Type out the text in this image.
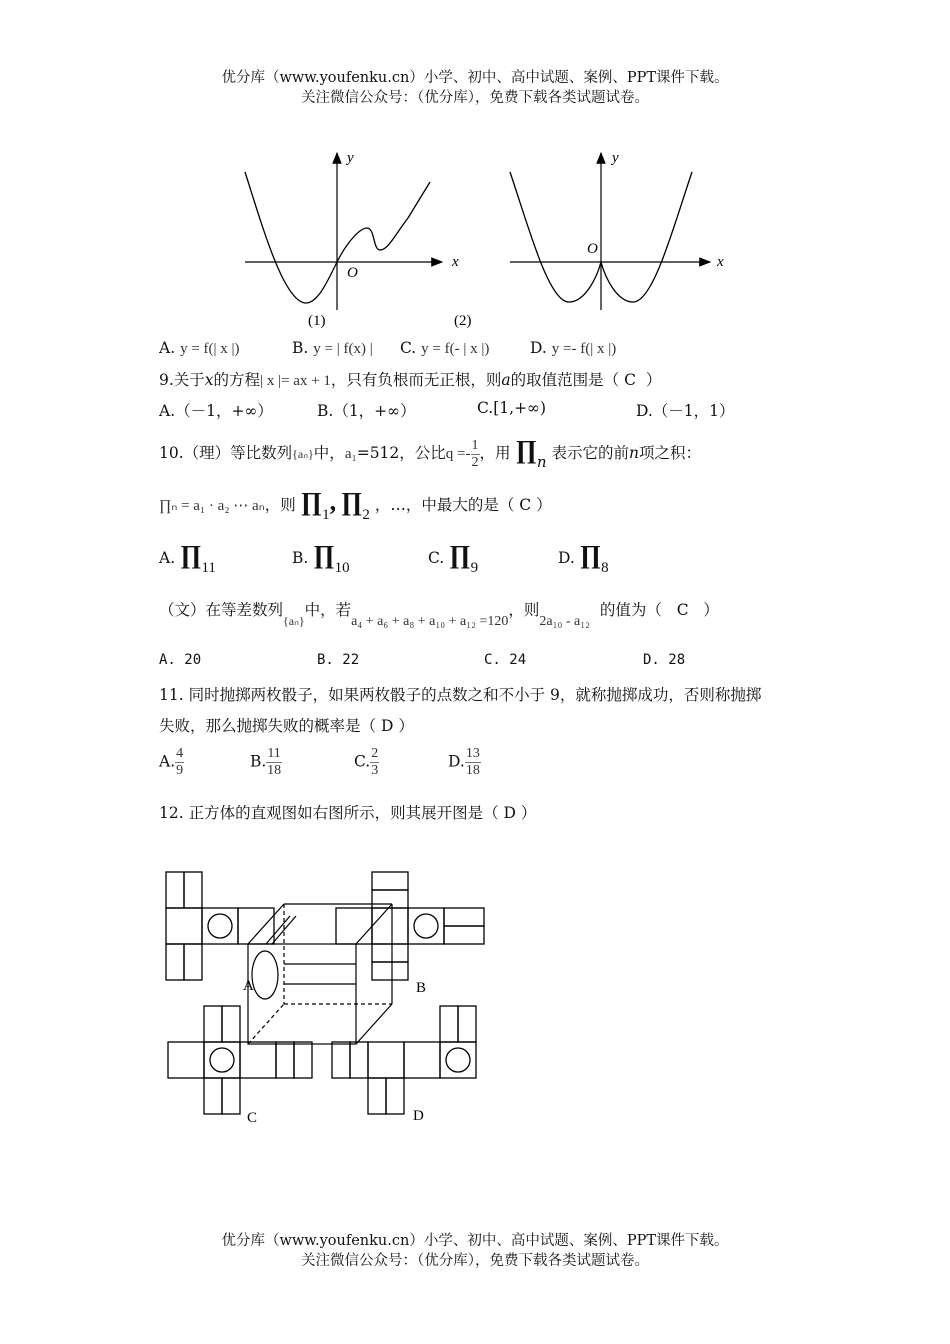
优分库（www.youfenku.cn）小学、初中、高中试题、案例、PPT课件下载。
关注微信公众号：（优分库），免费下载各类试题试卷。
x
y
O
(1)
x
y
O
(2)
A. y = f(| x |)	B. y = | f(x) | C. y = f(- | x |)	D. y =- f(| x |)
9.关于x的方程| x |= ax + 1，只有负根而无正根，则a的取值范围是（ C ）
A.（－1，+∞）	B.（1，+∞）	C.[1,+∞)	D.（－1，1）
10.（理）等比数列{aₙ}中，a₁=512，公比$q =- \frac{1}{2}$ ，用 ∏n 表示它的前n项之积：
∏ₙ = a₁ · a₂ ⋯ aₙ，则 ∏1, ∏2 ，…，中最大的是（ C ）
A. ∏11
B. ∏10
C. ∏9
D. ∏8
（文）在等差数列$_{\{a_n\}}$中，若a₄ + a₆ + a₈ + a₁₀ + a₁₂ =120，则2a₁₀ - a₁₂  的值为（ C ）
A. 20	B. 22	C. 24	D. 28
11. 同时抛掷两枚骰子，如果两枚骰子的点数之和不小于 9，就称抛掷成功，否则称抛掷
失败，那么抛掷失败的概率是（ D ）
A. $\frac{4}{9}$	B. $\frac{11}{18}$	C. $\frac{2}{3}$	D. $\frac{13}{18}$
12. 正方体的直观图如右图所示，则其展开图是（ D ）
A	B
C	D
优分库（www.youfenku.cn）小学、初中、高中试题、案例、PPT课件下载。
关注微信公众号：（优分库），免费下载各类试题试卷。
